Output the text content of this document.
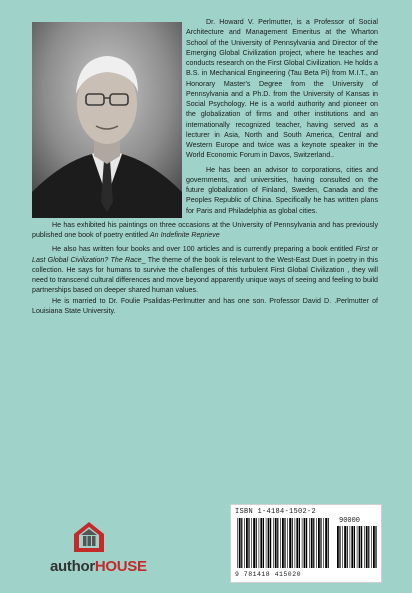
Dr. Howard V. Perlmutter, is a Professor of Social Architecture and Management Emeritus at the Wharton School of the University of Pennsylvania and Director of the Emerging Global Civilization project, where he teaches and conducts research on the First Global Civilization. He holds a B.S. in Mechanical Engineering (Tau Beta Pi) from M.I.T., an Honorary Master's Degree from the University of Pennsylvania and a Ph.D. from the University of Kansas in Social Psychology. He is a world authority and pioneer on the globalization of firms and other institutions and an internationally recognized teacher, having served as a lecturer in Asia, North and South America, Central and Western Europe and twice was a keynote speaker in the World Economic Forum in Davos, Switzerland..

He has been an advisor to corporations, cities and governments, and universities, having consulted on the future globalization of Finland, Sweden, Canada and the Peoples Republic of China. Specifically he has written plans for Paris and Philadelphia as global cities.

He has exhibited his paintings on three occasions at the University of Pennsylvania and has previously published one book of poetry entitled An Indefinite Reprieve

He also has written four books and over 100 articles and is currently preparing a book entitled First or Last Global Civilization? The Race_ The theme of the book is relevant to the West-East Duet in poetry in this collection. He says for humans to survive the challenges of this turbulent First Global Civilization , they will need to transcend cultural differences and move beyond apparently unique ways of seeing and feeling to build partnerships based on deeper shared human values.

He is married to Dr. Foulie Psalidas-Perlmutter and has one son. Professor David D. .Perlmutter of Louisiana State University.

authorHOUSE
ISBN 1-4184-1502-2
90000
9 781418 415020
